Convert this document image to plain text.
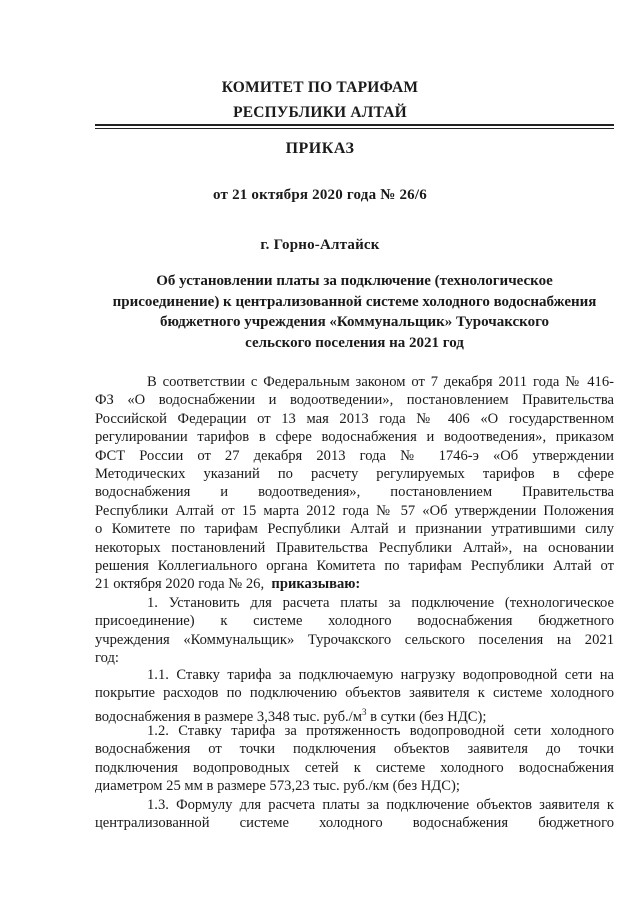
КОМИТЕТ ПО ТАРИФАМ
РЕСПУБЛИКИ АЛТАЙ
ПРИКАЗ
от 21 октября 2020 года № 26/6
г. Горно-Алтайск
Об установлении платы за подключение (технологическое
присоединение) к централизованной системе холодного водоснабжения
бюджетного учреждения «Коммунальщик» Турочакского
сельского поселения на 2021 год
В соответствии с Федеральным законом от 7 декабря 2011 года № 416-
ФЗ «О водоснабжении и водоотведении», постановлением Правительства
Российской Федерации от 13 мая 2013 года № 406 «О государственном
регулировании тарифов в сфере водоснабжения и водоотведения», приказом
ФСТ России от 27 декабря 2013 года № 1746-э «Об утверждении
Методических указаний по расчету регулируемых тарифов в сфере
водоснабжения и водоотведения», постановлением Правительства
Республики Алтай от 15 марта 2012 года № 57 «Об утверждении Положения
о Комитете по тарифам Республики Алтай и признании утратившими силу
некоторых постановлений Правительства Республики Алтай», на основании
решения Коллегиального органа Комитета по тарифам Республики Алтай от
21 октября 2020 года № 26, приказываю:
1. Установить для расчета платы за подключение (технологическое
присоединение) к системе холодного водоснабжения бюджетного
учреждения «Коммунальщик» Турочакского сельского поселения на 2021
год:
1.1. Ставку тарифа за подключаемую нагрузку водопроводной сети на
покрытие расходов по подключению объектов заявителя к системе холодного
водоснабжения в размере 3,348 тыс. $руб./м^3$ в сутки (без НДС);
1.2. Ставку тарифа за протяженность водопроводной сети холодного
водоснабжения от точки подключения объектов заявителя до точки
подключения водопроводных сетей к системе холодного водоснабжения
диаметром 25 мм в размере 573,23 тыс. руб./км (без НДС);
1.3. Формулу для расчета платы за подключение объектов заявителя к
централизованной системе холодного водоснабжения бюджетного
